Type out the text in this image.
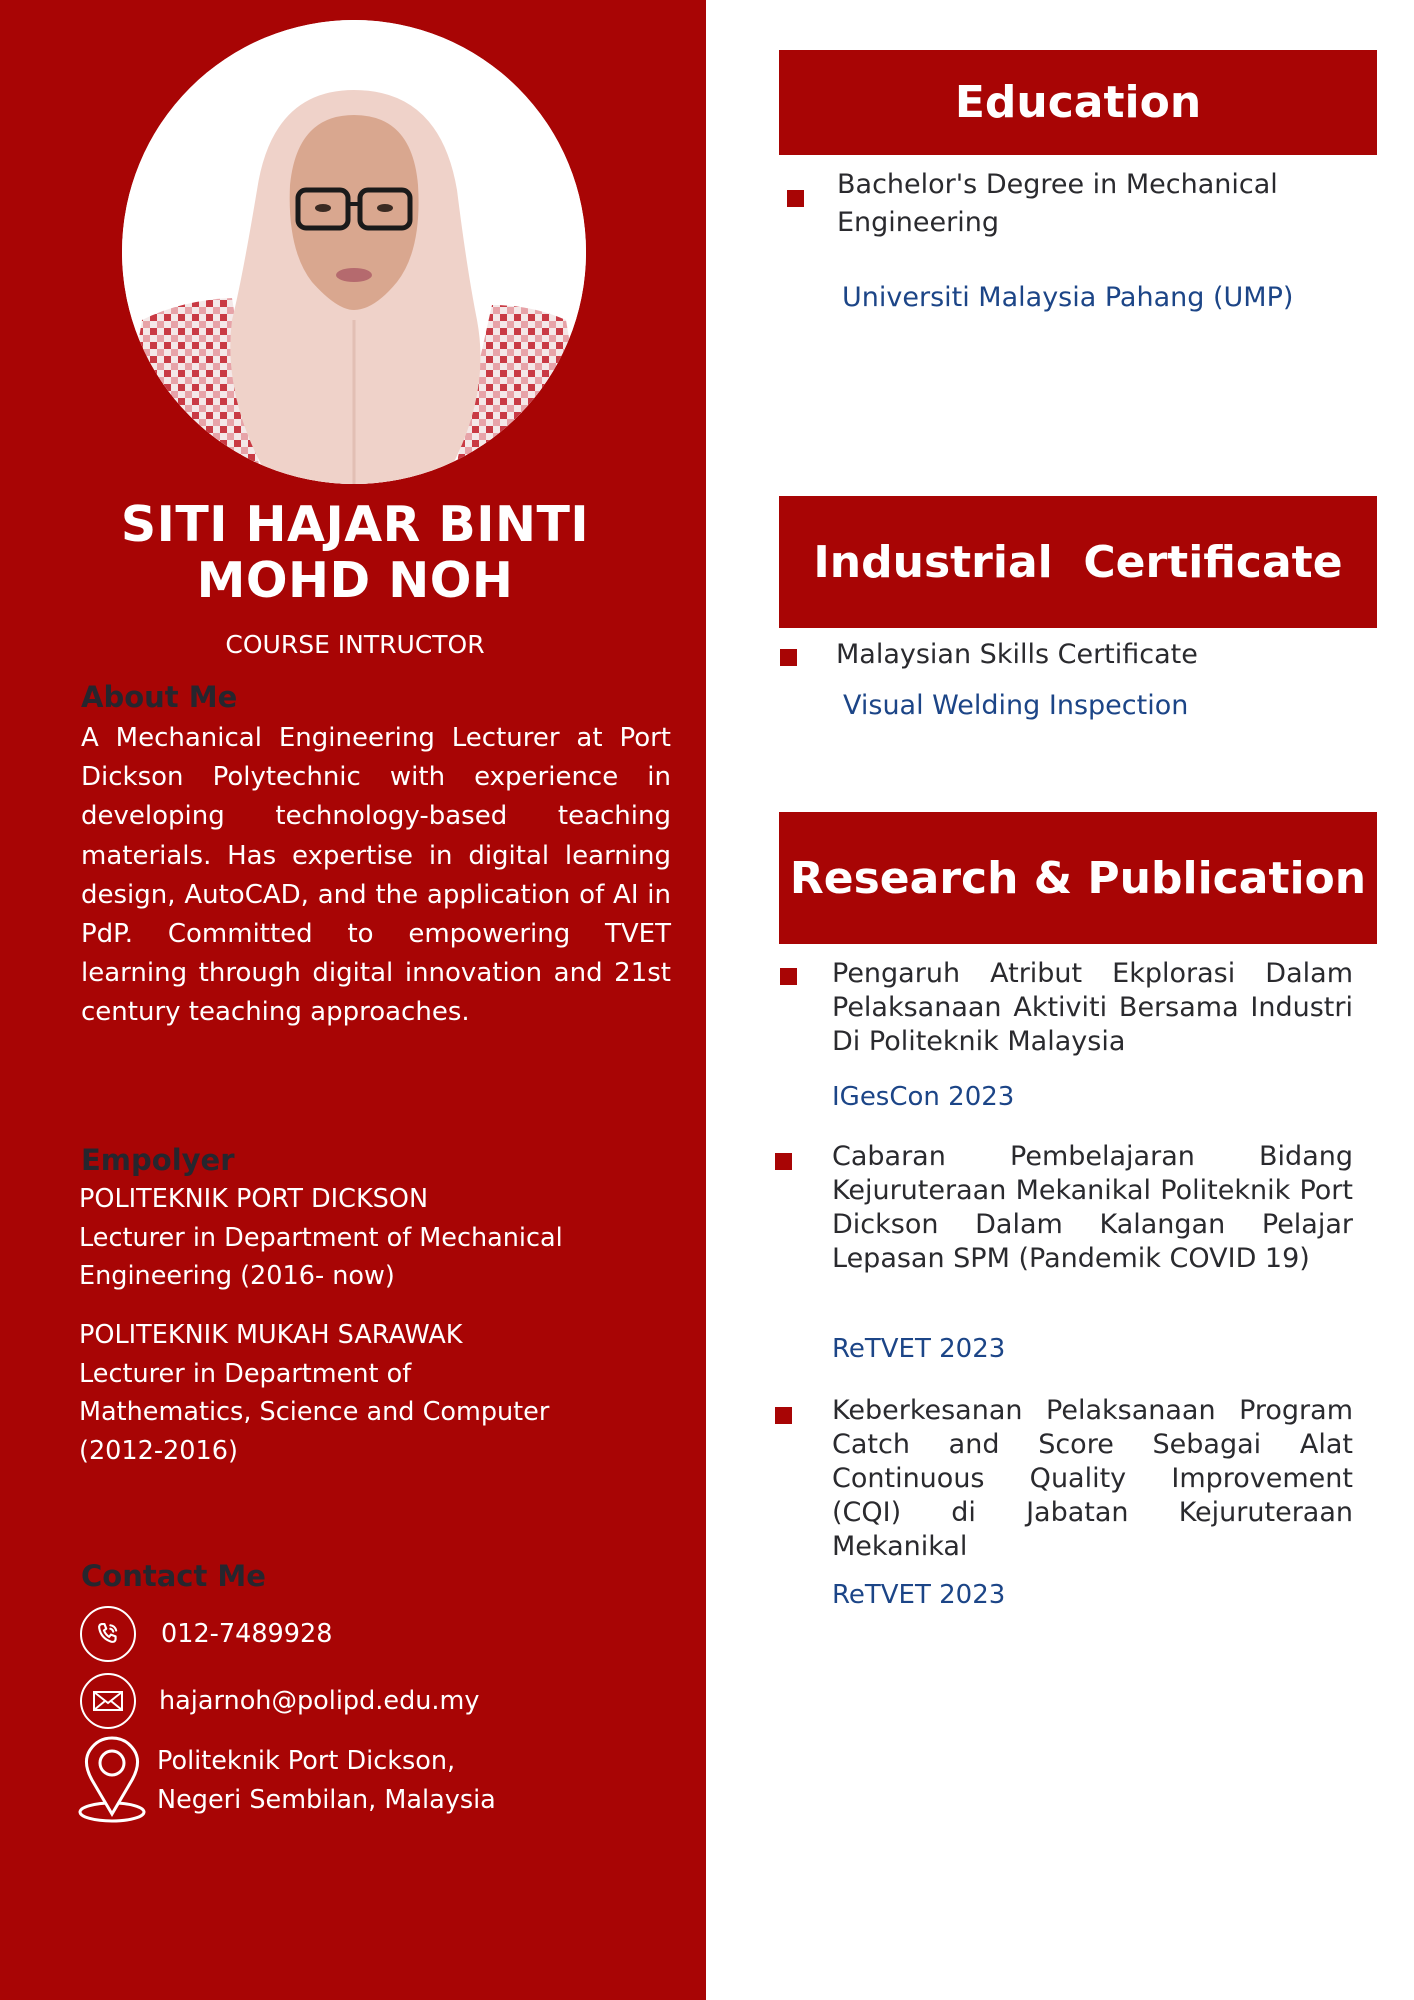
SITI HAJAR BINTI
MOHD NOH
COURSE INTRUCTOR
About Me
A Mechanical Engineering Lecturer at Port Dickson Polytechnic with experience in developing technology-based teaching materials. Has expertise in digital learning design, AutoCAD, and the application of AI in PdP. Committed to empowering TVET learning through digital innovation and 21st century teaching approaches.
Empolyer
POLITEKNIK PORT DICKSON
Lecturer in Department of Mechanical
Engineering (2016- now)
POLITEKNIK MUKAH SARAWAK
Lecturer in Department of
Mathematics, Science and Computer
(2012-2016)
Contact Me
012-7489928
hajarnoh@polipd.edu.my
Politeknik Port Dickson,
Negeri Sembilan, Malaysia
Education
Bachelor's Degree in Mechanical
Engineering
Universiti Malaysia Pahang (UMP)
Industrial  Certificate
Malaysian Skills Certificate
Visual Welding Inspection
Research & Publication
Pengaruh Atribut Ekplorasi Dalam Pelaksanaan Aktiviti Bersama Industri Di Politeknik Malaysia
IGesCon 2023
Cabaran Pembelajaran Bidang Kejuruteraan Mekanikal Politeknik Port Dickson Dalam Kalangan Pelajar Lepasan SPM (Pandemik COVID 19)
ReTVET 2023
Keberkesanan Pelaksanaan Program Catch and Score Sebagai Alat Continuous Quality Improvement (CQI) di Jabatan Kejuruteraan Mekanikal
ReTVET 2023
